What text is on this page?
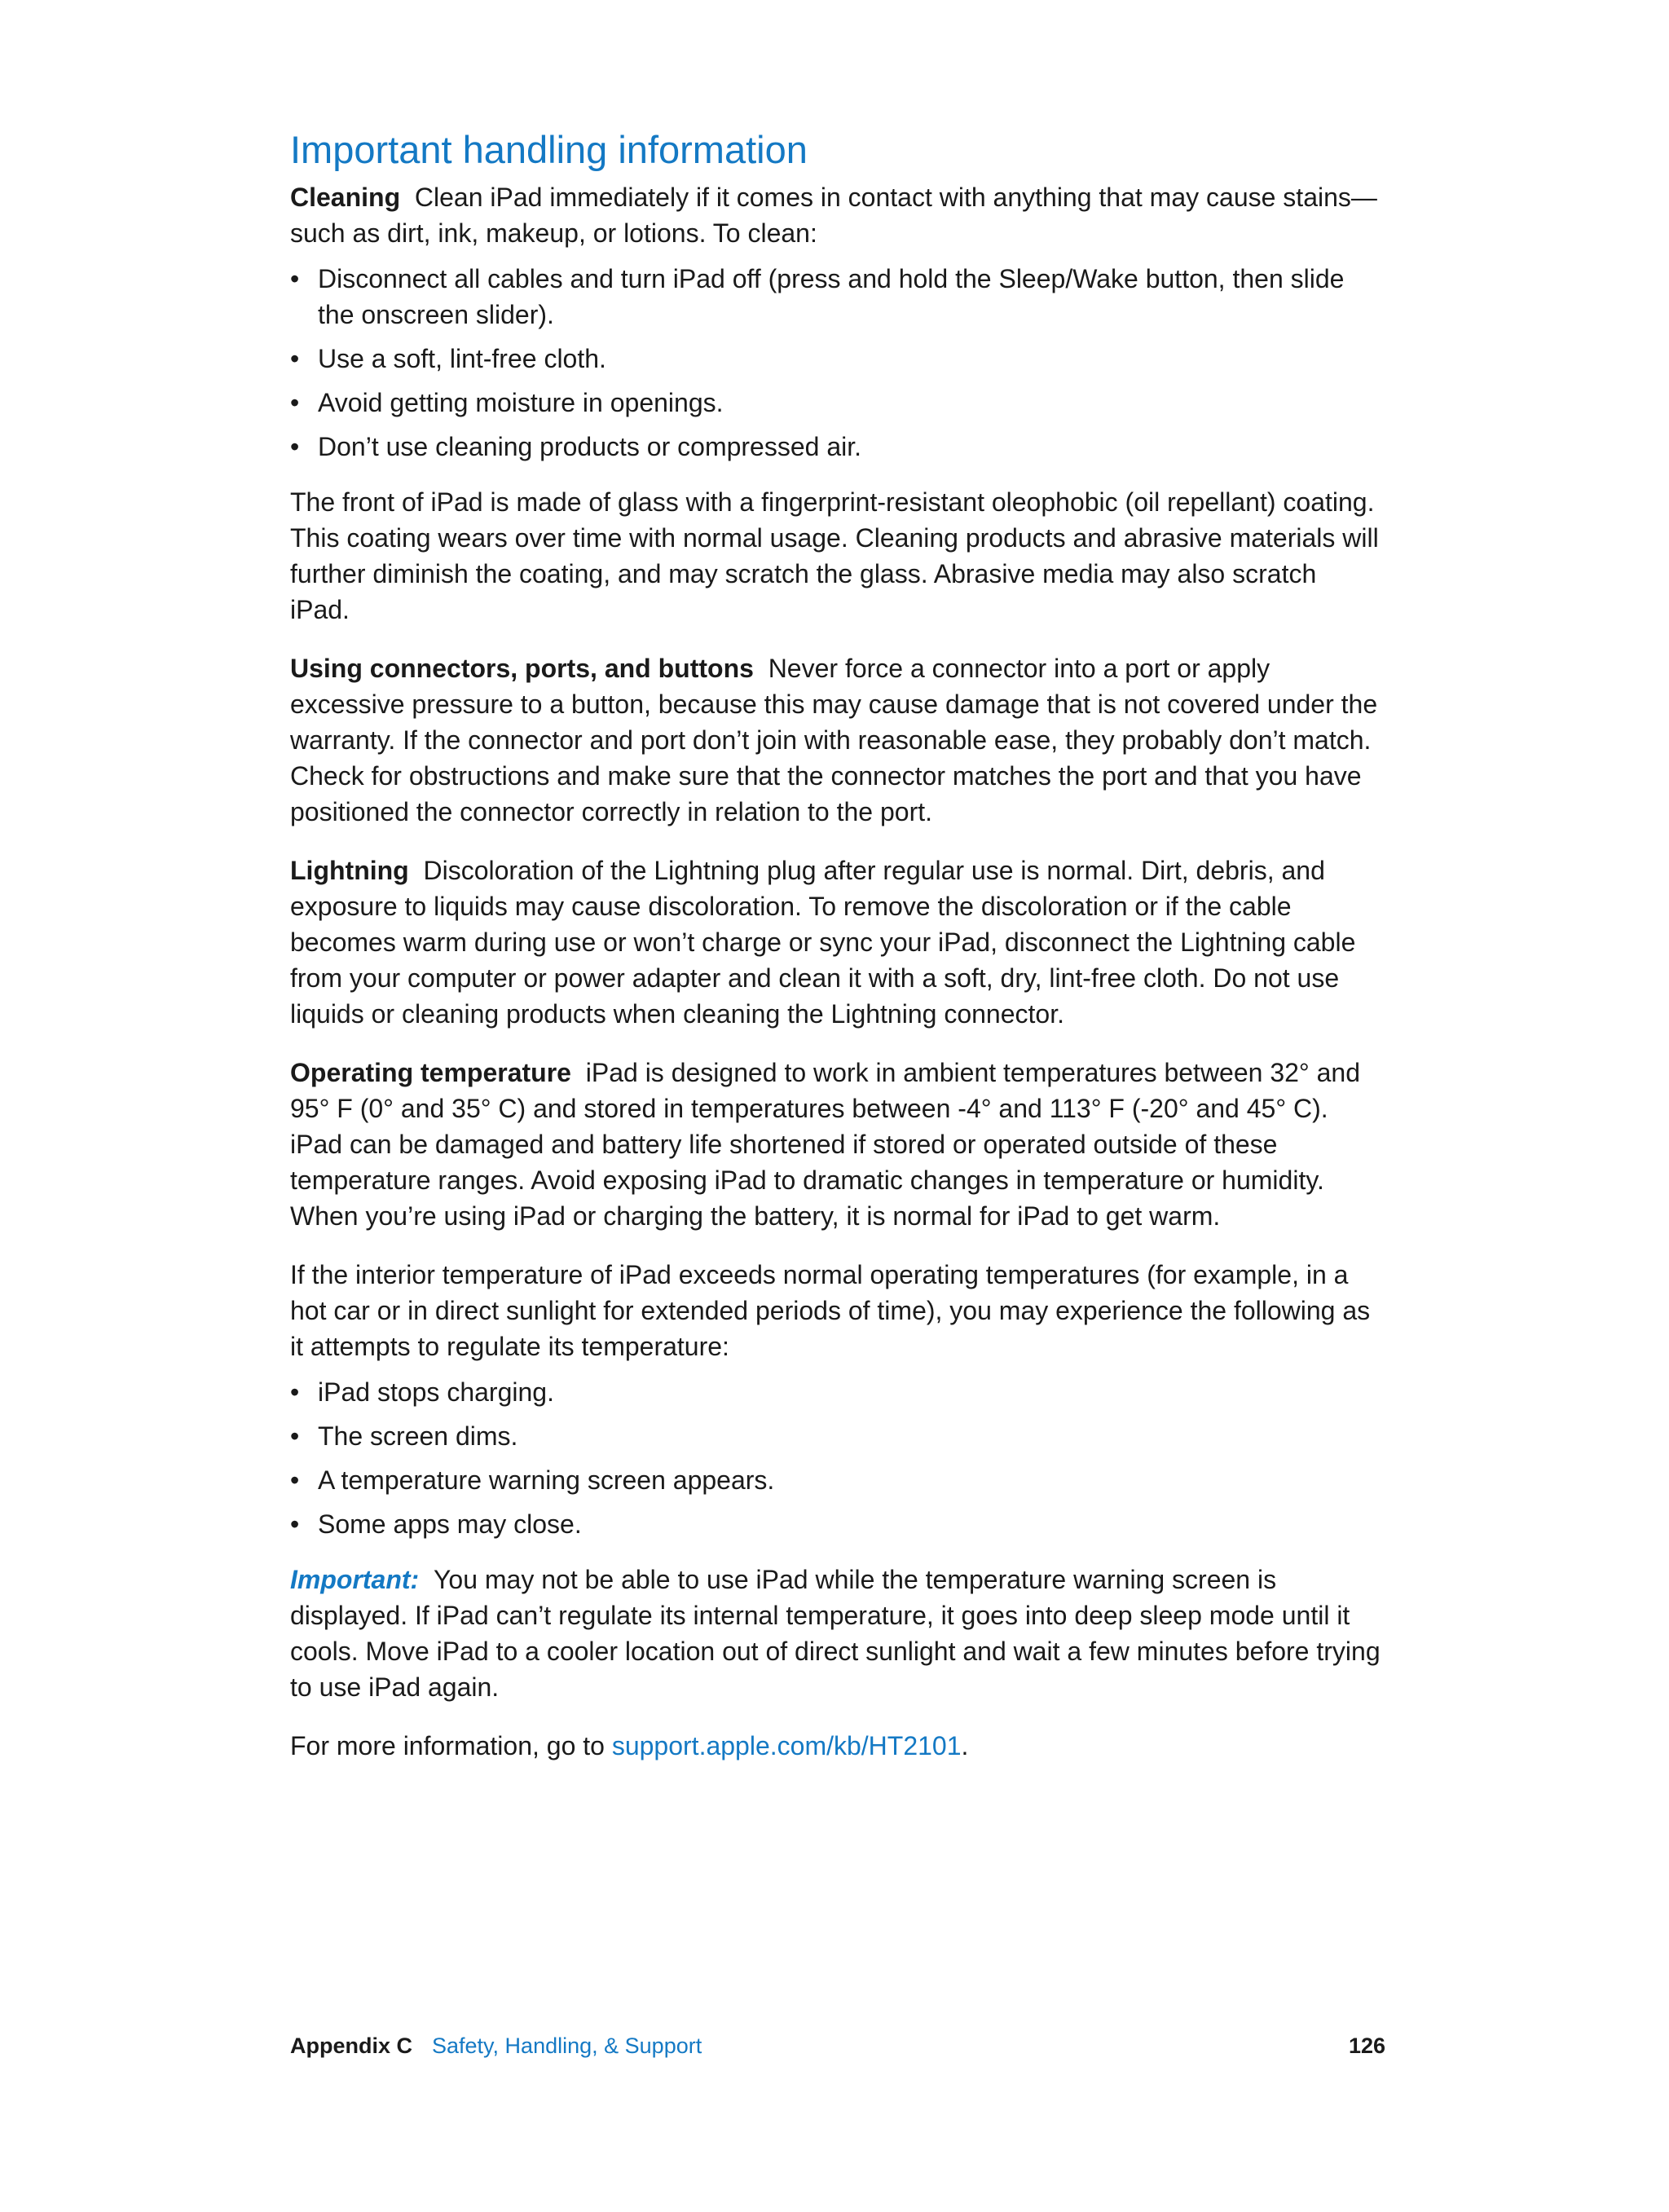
Important handling information

Cleaning Clean iPad immediately if it comes in contact with anything that may cause stains—such as dirt, ink, makeup, or lotions. To clean:

• Disconnect all cables and turn iPad off (press and hold the Sleep/Wake button, then slide the onscreen slider).
• Use a soft, lint-free cloth.
• Avoid getting moisture in openings.
• Don’t use cleaning products or compressed air.

The front of iPad is made of glass with a fingerprint-resistant oleophobic (oil repellant) coating. This coating wears over time with normal usage. Cleaning products and abrasive materials will further diminish the coating, and may scratch the glass. Abrasive media may also scratch iPad.

Using connectors, ports, and buttons Never force a connector into a port or apply excessive pressure to a button, because this may cause damage that is not covered under the warranty. If the connector and port don’t join with reasonable ease, they probably don’t match. Check for obstructions and make sure that the connector matches the port and that you have positioned the connector correctly in relation to the port.

Lightning Discoloration of the Lightning plug after regular use is normal. Dirt, debris, and exposure to liquids may cause discoloration. To remove the discoloration or if the cable becomes warm during use or won’t charge or sync your iPad, disconnect the Lightning cable from your computer or power adapter and clean it with a soft, dry, lint-free cloth. Do not use liquids or cleaning products when cleaning the Lightning connector.

Operating temperature iPad is designed to work in ambient temperatures between 32° and 95° F (0° and 35° C) and stored in temperatures between -4° and 113° F (-20° and 45° C). iPad can be damaged and battery life shortened if stored or operated outside of these temperature ranges. Avoid exposing iPad to dramatic changes in temperature or humidity. When you’re using iPad or charging the battery, it is normal for iPad to get warm.

If the interior temperature of iPad exceeds normal operating temperatures (for example, in a hot car or in direct sunlight for extended periods of time), you may experience the following as it attempts to regulate its temperature:

• iPad stops charging.
• The screen dims.
• A temperature warning screen appears.
• Some apps may close.

Important: You may not be able to use iPad while the temperature warning screen is displayed. If iPad can’t regulate its internal temperature, it goes into deep sleep mode until it cools. Move iPad to a cooler location out of direct sunlight and wait a few minutes before trying to use iPad again.

For more information, go to support.apple.com/kb/HT2101.

Appendix C Safety, Handling, & Support	126
